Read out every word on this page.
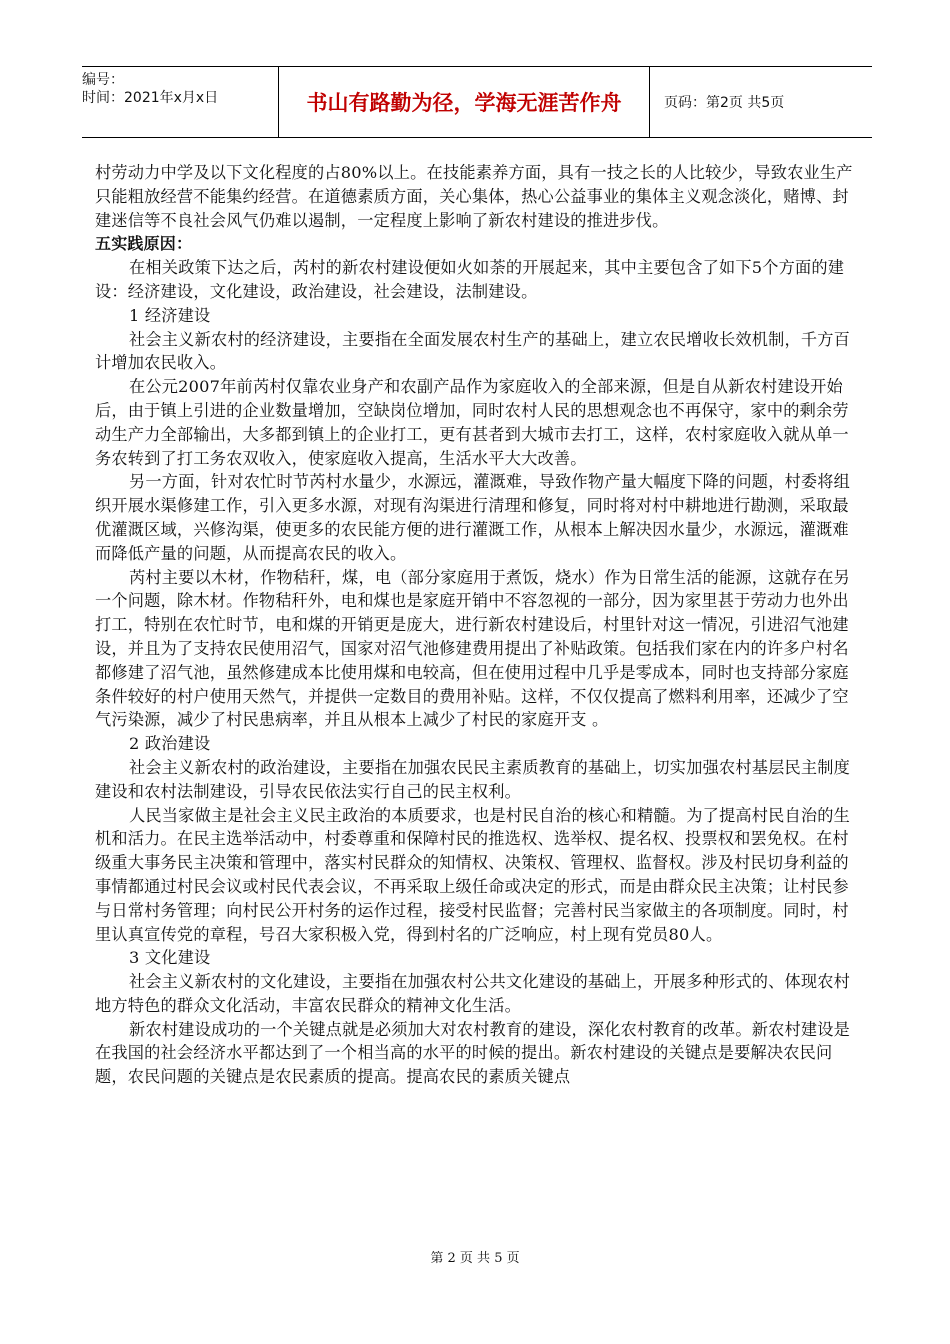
编号：
时间：2021年x月x日	书山有路勤为径，学海无涯苦作舟	页码：第2页 共5页

村劳动力中学及以下文化程度的占80%以上。在技能素养方面，具有一技之长的人比较少，导致农业生产只能粗放经营不能集约经营。在道德素质方面，关心集体，热心公益事业的集体主义观念淡化，赌博、封建迷信等不良社会风气仍难以遏制，一定程度上影响了新农村建设的推进步伐。

五实践原因：

在相关政策下达之后，芮村的新农村建设便如火如荼的开展起来，其中主要包含了如下5个方面的建设：经济建设，文化建设，政治建设，社会建设，法制建设。

1 经济建设

社会主义新农村的经济建设，主要指在全面发展农村生产的基础上，建立农民增收长效机制，千方百计增加农民收入。

在公元2007年前芮村仅靠农业身产和农副产品作为家庭收入的全部来源，但是自从新农村建设开始后，由于镇上引进的企业数量增加，空缺岗位增加，同时农村人民的思想观念也不再保守，家中的剩余劳动生产力全部输出，大多都到镇上的企业打工，更有甚者到大城市去打工，这样，农村家庭收入就从单一务农转到了打工务农双收入，使家庭收入提高，生活水平大大改善。

另一方面，针对农忙时节芮村水量少，水源远，灌溉难，导致作物产量大幅度下降的问题，村委将组织开展水渠修建工作，引入更多水源，对现有沟渠进行清理和修复，同时将对村中耕地进行勘测，采取最优灌溉区域，兴修沟渠，使更多的农民能方便的进行灌溉工作，从根本上解决因水量少，水源远，灌溉难而降低产量的问题，从而提高农民的收入。

芮村主要以木材，作物秸秆，煤，电（部分家庭用于煮饭，烧水）作为日常生活的能源，这就存在另一个问题，除木材。作物秸秆外，电和煤也是家庭开销中不容忽视的一部分，因为家里甚于劳动力也外出打工，特别在农忙时节，电和煤的开销更是庞大，进行新农村建设后，村里针对这一情况，引进沼气池建设，并且为了支持农民使用沼气，国家对沼气池修建费用提出了补贴政策。包括我们家在内的许多户村名都修建了沼气池，虽然修建成本比使用煤和电较高，但在使用过程中几乎是零成本，同时也支持部分家庭条件较好的村户使用天然气，并提供一定数目的费用补贴。这样，不仅仅提高了燃料利用率，还减少了空气污染源，减少了村民患病率，并且从根本上减少了村民的家庭开支 。

2 政治建设

社会主义新农村的政治建设，主要指在加强农民民主素质教育的基础上，切实加强农村基层民主制度建设和农村法制建设，引导农民依法实行自己的民主权利。

人民当家做主是社会主义民主政治的本质要求，也是村民自治的核心和精髓。为了提高村民自治的生机和活力。在民主选举活动中，村委尊重和保障村民的推选权、选举权、提名权、投票权和罢免权。在村级重大事务民主决策和管理中，落实村民群众的知情权、决策权、管理权、监督权。涉及村民切身利益的事情都通过村民会议或村民代表会议，不再采取上级任命或决定的形式，而是由群众民主决策；让村民参与日常村务管理；向村民公开村务的运作过程，接受村民监督；完善村民当家做主的各项制度。同时，村里认真宣传党的章程，号召大家积极入党，得到村名的广泛响应，村上现有党员80人。

3 文化建设

社会主义新农村的文化建设，主要指在加强农村公共文化建设的基础上，开展多种形式的、体现农村地方特色的群众文化活动，丰富农民群众的精神文化生活。

新农村建设成功的一个关键点就是必须加大对农村教育的建设，深化农村教育的改革。新农村建设是在我国的社会经济水平都达到了一个相当高的水平的时候的提出。新农村建设的关键点是要解决农民问题，农民问题的关键点是农民素质的提高。提高农民的素质关键点

第 2 页 共 5 页
